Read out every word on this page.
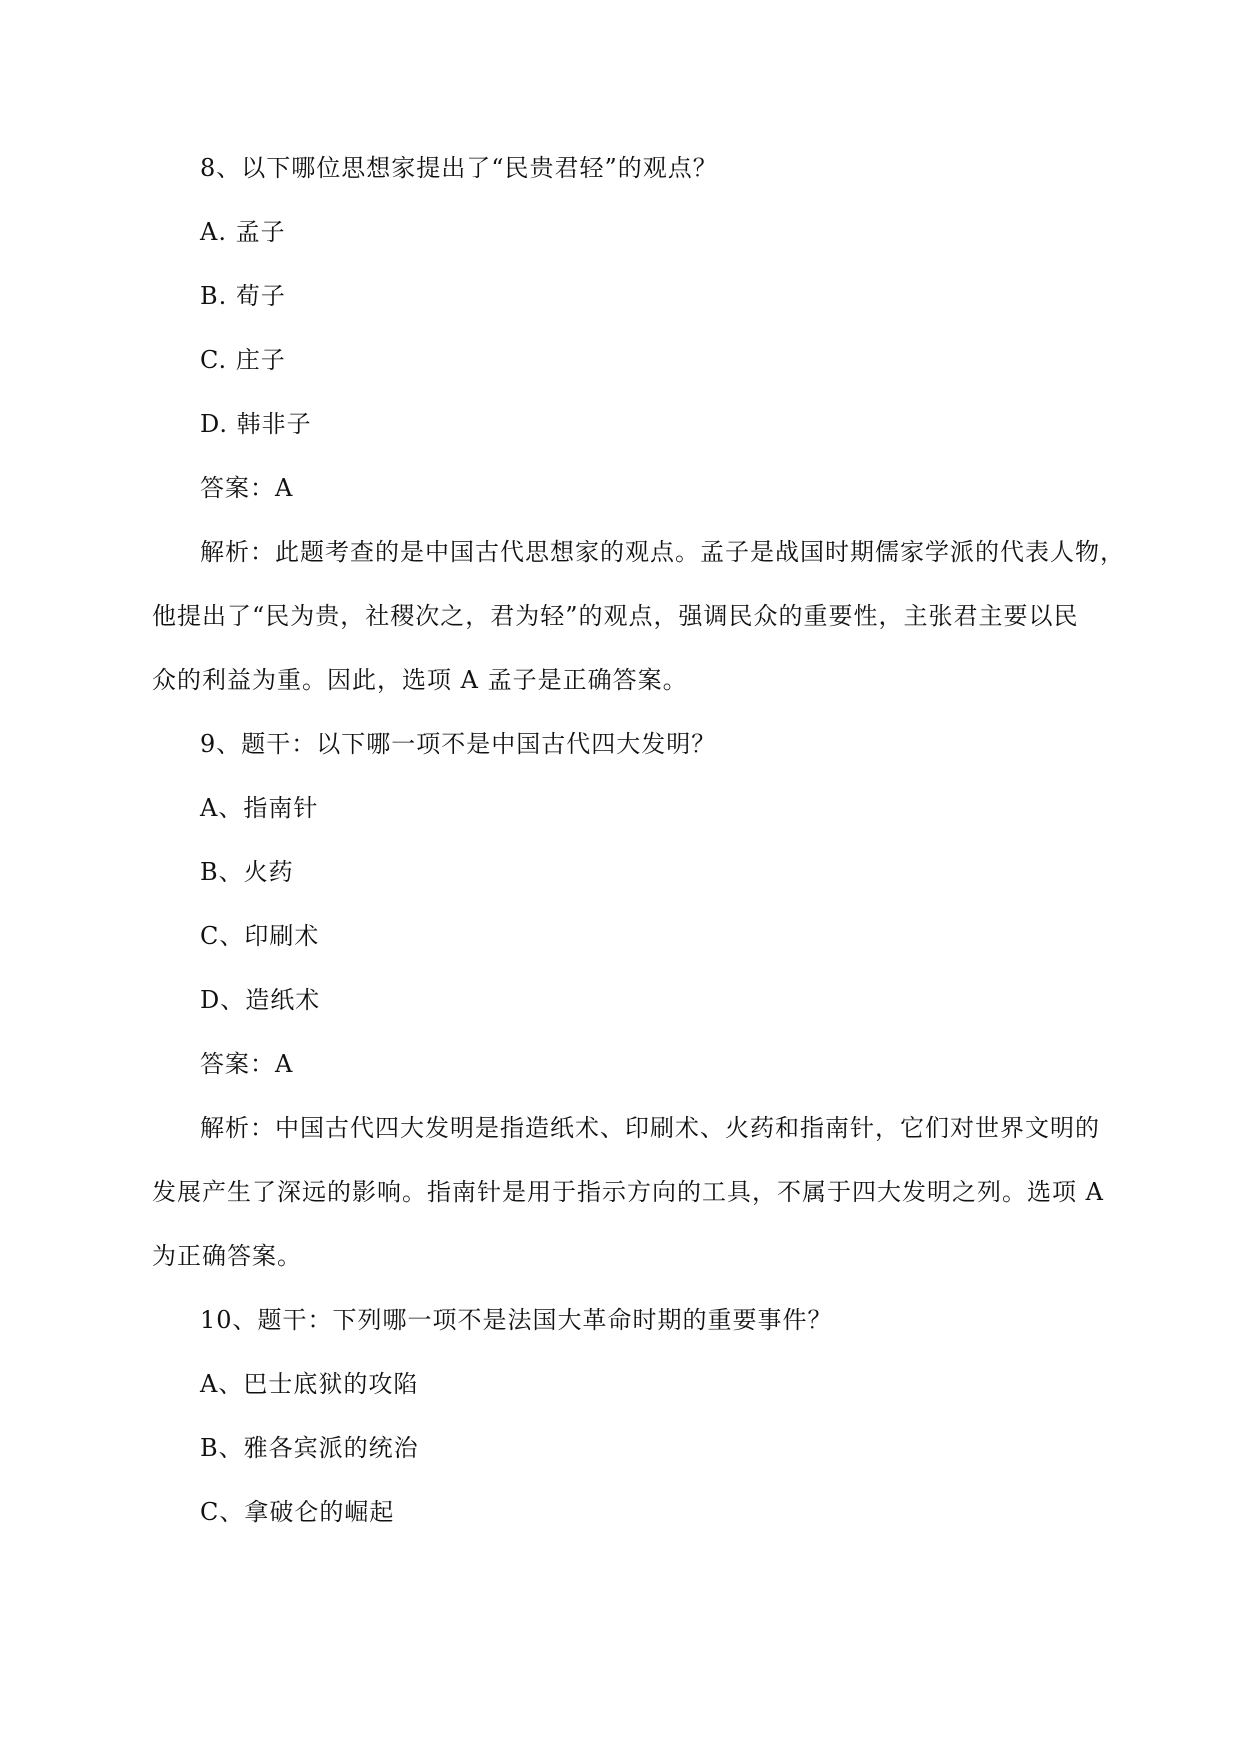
8、以下哪位思想家提出了“民贵君轻”的观点？
A. 孟子
B. 荀子
C. 庄子
D. 韩非子
答案：A
解析：此题考查的是中国古代思想家的观点。孟子是战国时期儒家学派的代表人物，
他提出了“民为贵，社稷次之，君为轻”的观点，强调民众的重要性，主张君主要以民
众的利益为重。因此，选项 A 孟子是正确答案。
9、题干：以下哪一项不是中国古代四大发明？
A、指南针
B、火药
C、印刷术
D、造纸术
答案：A
解析：中国古代四大发明是指造纸术、印刷术、火药和指南针，它们对世界文明的
发展产生了深远的影响。指南针是用于指示方向的工具，不属于四大发明之列。选项 A
为正确答案。
10、题干：下列哪一项不是法国大革命时期的重要事件？
A、巴士底狱的攻陷
B、雅各宾派的统治
C、拿破仑的崛起
